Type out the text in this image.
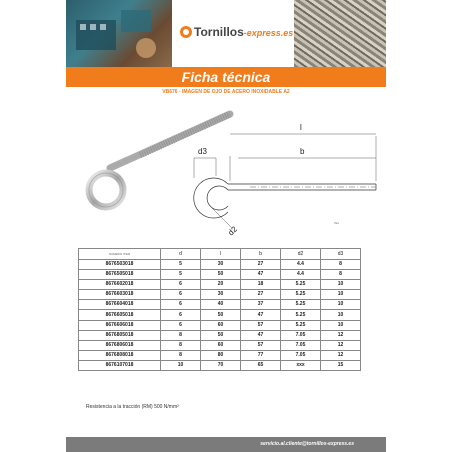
Tornillos-express.es
Ficha técnica
VB676 - IMAGEN DE OJO DE ACERO INOXIDABLE A2
l
b
d3
d2
thru
NUMERO ITEM	d	l	b	d2	d3
8676503018	5	30	27	4.4	8
8676505018	5	50	47	4.4	8
8676602018	6	20	18	5.25	10
8676603018	6	30	27	5.25	10
8676604018	6	40	37	5.25	10
8676605018	6	50	47	5.25	10
8676606018	6	60	57	5.25	10
8676805018	8	50	47	7.05	12
8676806018	8	60	57	7.05	12
8676808018	8	80	77	7.05	12
8676107018	10	70	65	xxx	15
Resistencia a la tracción (RM) 500 N/mm²
servicio.al.cliente@tornillos-express.es
